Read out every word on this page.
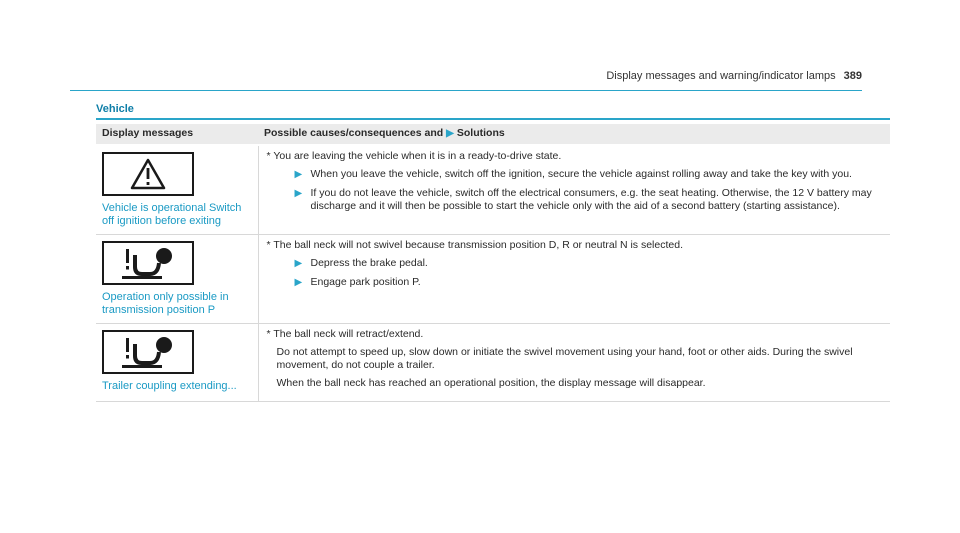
Display messages and warning/indicator lamps 389
Vehicle
Display messages	Possible causes/consequences and ▶ Solutions

Vehicle is operational Switch off ignition before exiting	* You are leaving the vehicle when it is in a ready-to-drive state.

▶ When you leave the vehicle, switch off the ignition, secure the vehicle against rolling away and take the key with you.
▶ If you do not leave the vehicle, switch off the electrical consumers, e.g. the seat heating. Otherwise, the 12 V battery may discharge and it will then be possible to start the vehicle only with the aid of a second battery (starting assistance).

Operation only possible in transmission position P	* The ball neck will not swivel because transmission position D, R or neutral N is selected.

▶ Depress the brake pedal.
▶ Engage park position P.

Trailer coupling extending...	* The ball neck will retract/extend.

Do not attempt to speed up, slow down or initiate the swivel movement using your hand, foot or other aids. During the swivel movement, do not couple a trailer.

When the ball neck has reached an operational position, the display message will disappear.
